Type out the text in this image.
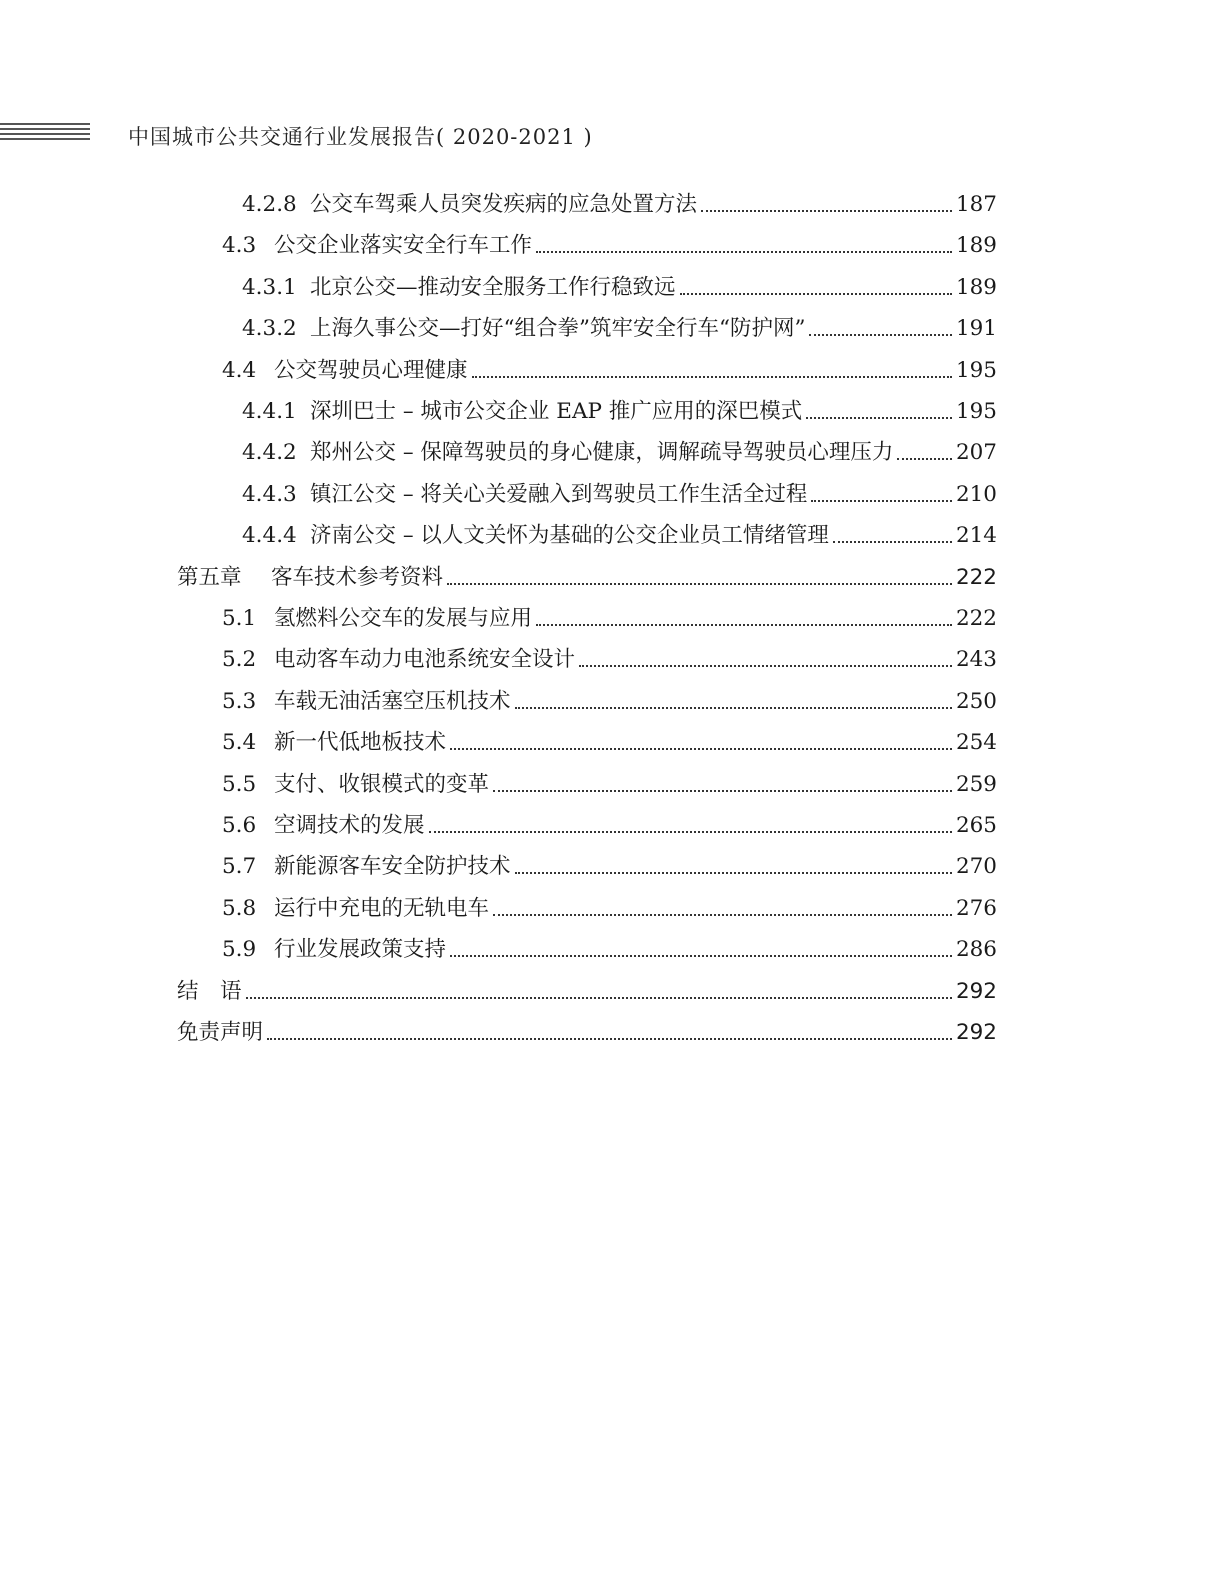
中国城市公共交通行业发展报告( 2020-2021 )
4.2.8 公交车驾乘人员突发疾病的应急处置方法	187
4.3 公交企业落实安全行车工作	189
4.3.1 北京公交—推动安全服务工作行稳致远	189
4.3.2 上海久事公交—打好“组合拳”筑牢安全行车“防护网”	191
4.4 公交驾驶员心理健康	195
4.4.1 深圳巴士 – 城市公交企业 EAP 推广应用的深巴模式	195
4.4.2 郑州公交 – 保障驾驶员的身心健康，调解疏导驾驶员心理压力	207
4.4.3 镇江公交 – 将关心关爱融入到驾驶员工作生活全过程	210
4.4.4 济南公交 – 以人文关怀为基础的公交企业员工情绪管理	214
第五章	客车技术参考资料	222
5.1 氢燃料公交车的发展与应用	222
5.2 电动客车动力电池系统安全设计	243
5.3 车载无油活塞空压机技术	250
5.4 新一代低地板技术	254
5.5 支付、收银模式的变革	259
5.6 空调技术的发展	265
5.7 新能源客车安全防护技术	270
5.8 运行中充电的无轨电车	276
5.9 行业发展政策支持	286
结　语	292
免责声明	292
